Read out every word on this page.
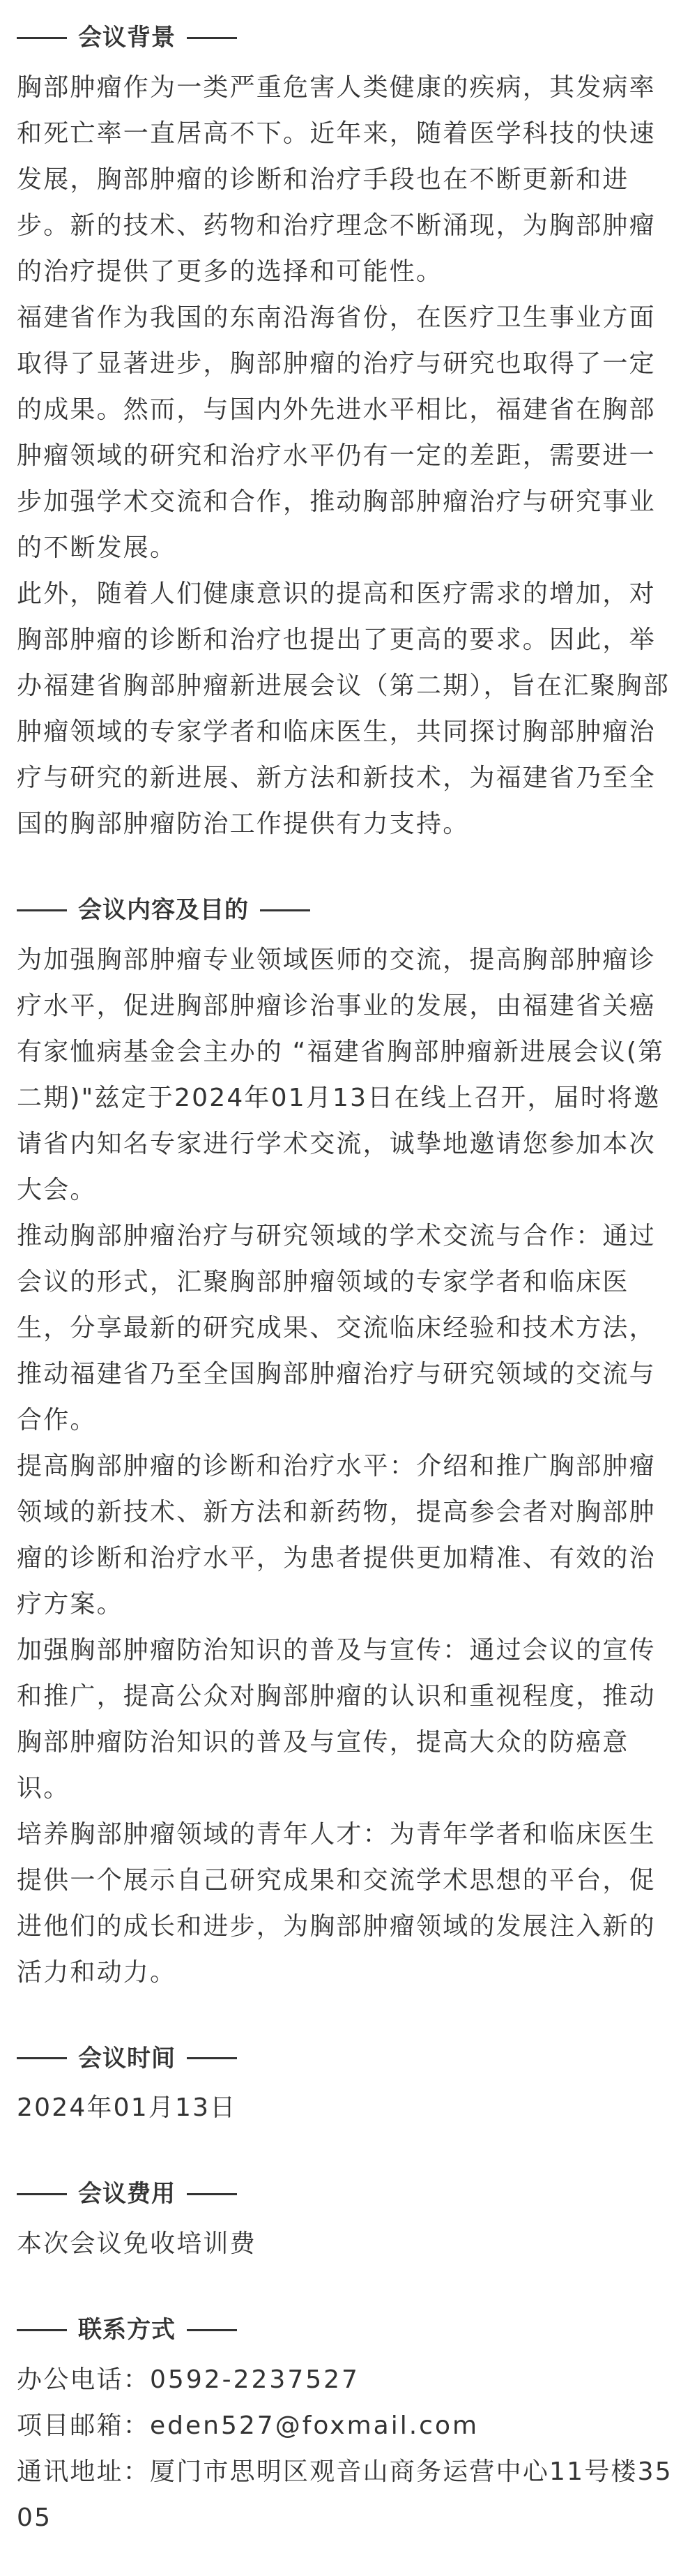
会议背景

胸部肿瘤作为一类严重危害人类健康的疾病，其发病率和死亡率一直居高不下。近年来，随着医学科技的快速发展，胸部肿瘤的诊断和治疗手段也在不断更新和进步。新的技术、药物和治疗理念不断涌现，为胸部肿瘤的治疗提供了更多的选择和可能性。

福建省作为我国的东南沿海省份，在医疗卫生事业方面取得了显著进步，胸部肿瘤的治疗与研究也取得了一定的成果。然而，与国内外先进水平相比，福建省在胸部肿瘤领域的研究和治疗水平仍有一定的差距，需要进一步加强学术交流和合作，推动胸部肿瘤治疗与研究事业的不断发展。

此外，随着人们健康意识的提高和医疗需求的增加，对胸部肿瘤的诊断和治疗也提出了更高的要求。因此，举办福建省胸部肿瘤新进展会议（第二期），旨在汇聚胸部肿瘤领域的专家学者和临床医生，共同探讨胸部肿瘤治疗与研究的新进展、新方法和新技术，为福建省乃至全国的胸部肿瘤防治工作提供有力支持。

会议内容及目的

为加强胸部肿瘤专业领域医师的交流，提高胸部肿瘤诊疗水平，促进胸部肿瘤诊治事业的发展，由福建省关癌有家恤病基金会主办的 “福建省胸部肿瘤新进展会议(第二期)"兹定于2024年01月13日在线上召开，届时将邀请省内知名专家进行学术交流，诚挚地邀请您参加本次大会。

推动胸部肿瘤治疗与研究领域的学术交流与合作：通过会议的形式，汇聚胸部肿瘤领域的专家学者和临床医生，分享最新的研究成果、交流临床经验和技术方法，推动福建省乃至全国胸部肿瘤治疗与研究领域的交流与合作。

提高胸部肿瘤的诊断和治疗水平：介绍和推广胸部肿瘤领域的新技术、新方法和新药物，提高参会者对胸部肿瘤的诊断和治疗水平，为患者提供更加精准、有效的治疗方案。

加强胸部肿瘤防治知识的普及与宣传：通过会议的宣传和推广，提高公众对胸部肿瘤的认识和重视程度，推动胸部肿瘤防治知识的普及与宣传，提高大众的防癌意识。

培养胸部肿瘤领域的青年人才：为青年学者和临床医生提供一个展示自己研究成果和交流学术思想的平台，促进他们的成长和进步，为胸部肿瘤领域的发展注入新的活力和动力。

会议时间

2024年01月13日

会议费用

本次会议免收培训费

联系方式

办公电话：0592-2237527

项目邮箱：eden527@foxmail.com

通讯地址：厦门市思明区观音山商务运营中心11号楼3505
